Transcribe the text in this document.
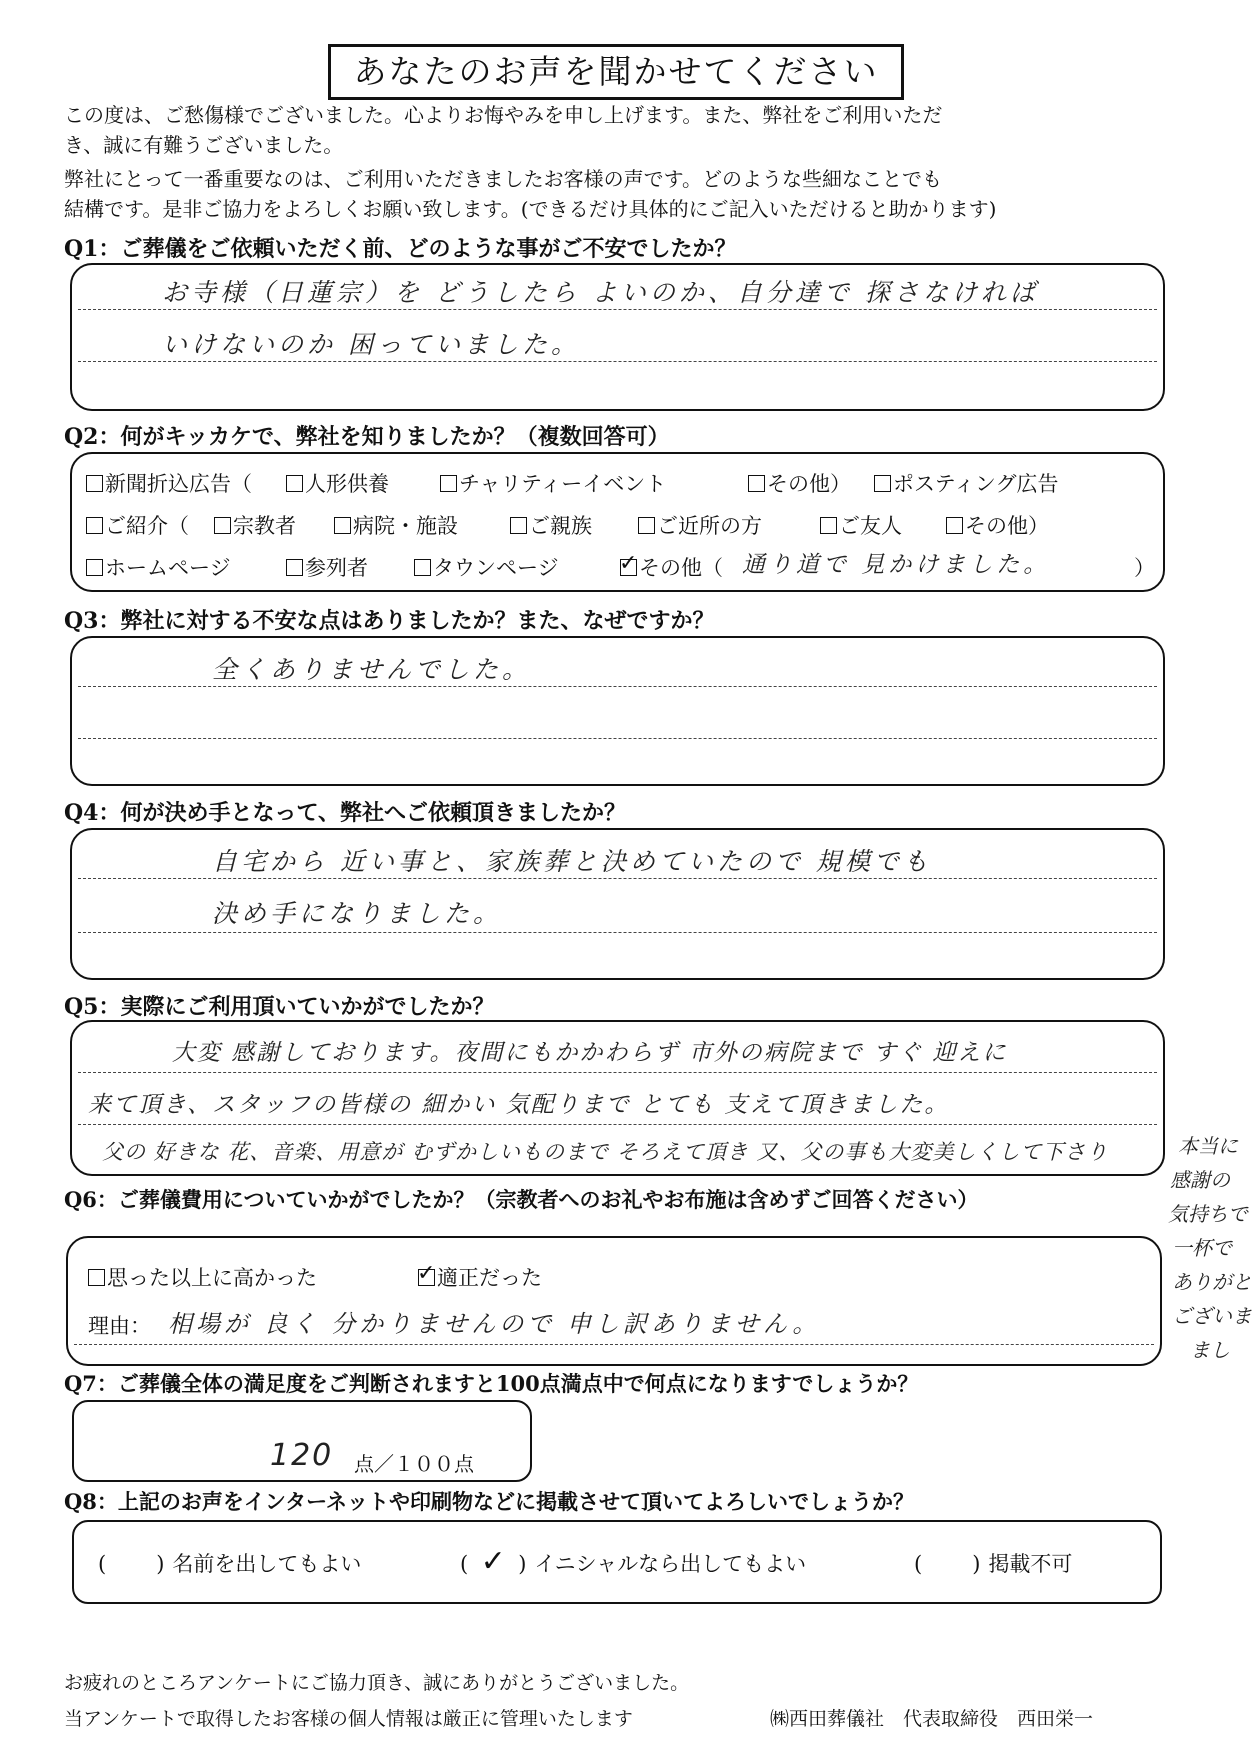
あなたのお声を聞かせてください
この度は、ご愁傷様でございました。心よりお悔やみを申し上げます。また、弊社をご利用いただ
き、誠に有難うございました。
弊社にとって一番重要なのは、ご利用いただきましたお客様の声です。どのような些細なことでも
結構です。是非ご協力をよろしくお願い致します。(できるだけ具体的にご記入いただけると助かります)
Q1：ご葬儀をご依頼いただく前、どのような事がご不安でしたか？
お寺様（日蓮宗）を どうしたら よいのか、自分達で 探さなければ
いけないのか 困っていました。
Q2：何がキッカケで、弊社を知りましたか？（複数回答可）
新聞折込広告（	人形供養	チャリティーイベント	その他）	ポスティング広告
ご紹介（	宗教者	病院・施設	ご親族	ご近所の方	ご友人	その他）
ホームページ	参列者	タウンページ ✓	その他（ 通り道で 見かけました。	）
Q3：弊社に対する不安な点はありましたか？また、なぜですか？
全くありませんでした。
Q4：何が決め手となって、弊社へご依頼頂きましたか？
自宅から 近い事と、家族葬と決めていたので 規模でも
決め手になりました。
Q5：実際にご利用頂いていかがでしたか？
大変 感謝しております。夜間にもかかわらず 市外の病院まで すぐ 迎えに
来て頂き、スタッフの皆様の 細かい 気配りまで とても 支えて頂きました。
父の 好きな 花、音楽、用意が むずかしいものまで そろえて頂き 又、父の事も大変美しくして下さり	本当に
感謝の
気持ちで
一杯で
ありがと
ございま
まし
Q6：ご葬儀費用についていかがでしたか？（宗教者へのお礼やお布施は含めずご回答ください）
思った以上に高かった ✓	適正だった
理由： 相場が 良く 分かりませんので 申し訳ありません。
Q7：ご葬儀全体の満足度をご判断されますと100点満点中で何点になりますでしょうか？
120 点／１００点
Q8：上記のお声をインターネットや印刷物などに掲載させて頂いてよろしいでしょうか？
( ) 名前を出してもよい	( ✓ ) イニシャルなら出してもよい	( ) 掲載不可
お疲れのところアンケートにご協力頂き、誠にありがとうございました。
当アンケートで取得したお客様の個人情報は厳正に管理いたします	㈱西田葬儀社　代表取締役　西田栄一
